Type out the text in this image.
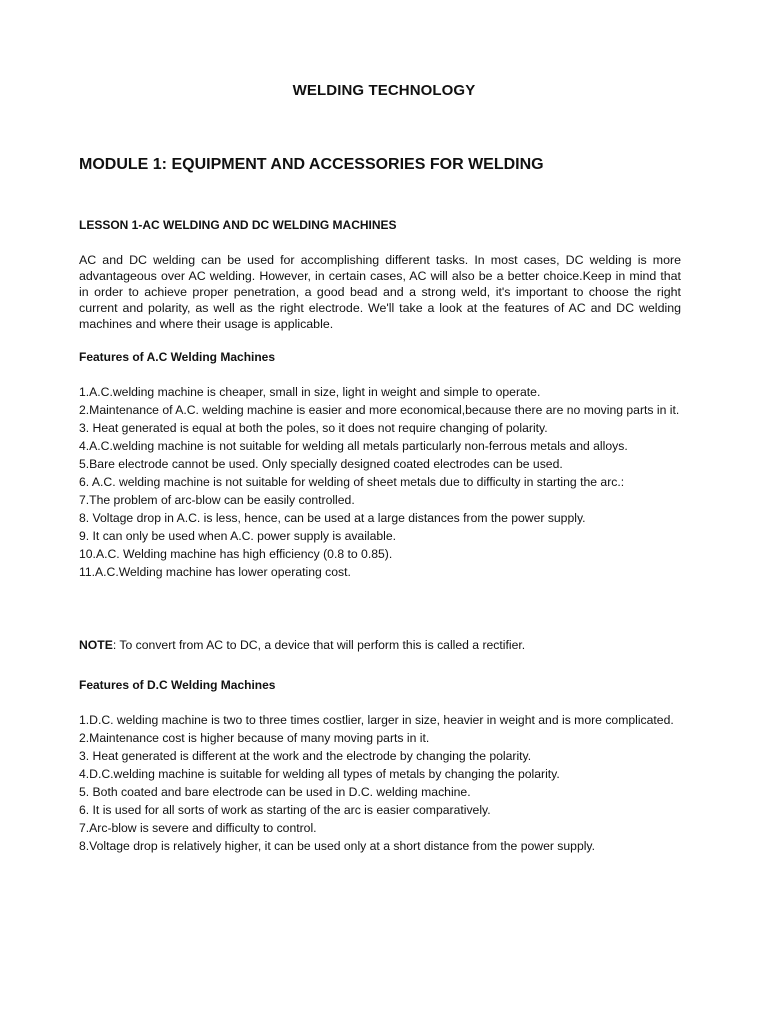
WELDING TECHNOLOGY
MODULE 1: EQUIPMENT AND ACCESSORIES FOR WELDING
LESSON 1-AC WELDING AND DC WELDING MACHINES

AC and DC welding can be used for accomplishing different tasks. In most cases, DC welding is more advantageous over AC welding. However, in certain cases, AC will also be a better choice.Keep in mind that in order to achieve proper penetration, a good bead and a strong weld, it's important to choose the right current and polarity, as well as the right electrode. We'll take a look at the features of AC and DC welding machines and where their usage is applicable.

Features of A.C Welding Machines
1.A.C.welding machine is cheaper, small in size, light in weight and simple to operate.
2.Maintenance of A.C. welding machine is easier and more economical,because there are no moving parts in it.
3. Heat generated is equal at both the poles, so it does not require changing of polarity.
4.A.C.welding machine is not suitable for welding all metals particularly non-ferrous metals and alloys.
5.Bare electrode cannot be used. Only specially designed coated electrodes can be used.
6. A.C. welding machine is not suitable for welding of sheet metals due to difficulty in starting the arc.:
7.The problem of arc-blow can be easily controlled.
8. Voltage drop in A.C. is less, hence, can be used at a large distances from the power supply.
9. It can only be used when A.C. power supply is available.
10.A.C. Welding machine has high efficiency (0.8 to 0.85).
11.A.C.Welding machine has lower operating cost.
NOTE: To convert from AC to DC, a device that will perform this is called a rectifier.
Features of D.C Welding Machines
1.D.C. welding machine is two to three times costlier, larger in size, heavier in weight and is more complicated.
2.Maintenance cost is higher because of many moving parts in it.
3. Heat generated is different at the work and the electrode by changing the polarity.
4.D.C.welding machine is suitable for welding all types of metals by changing the polarity.
5. Both coated and bare electrode can be used in D.C. welding machine.
6. It is used for all sorts of work as starting of the arc is easier comparatively.
7.Arc-blow is severe and difficulty to control.
8.Voltage drop is relatively higher, it can be used only at a short distance from the power supply.
